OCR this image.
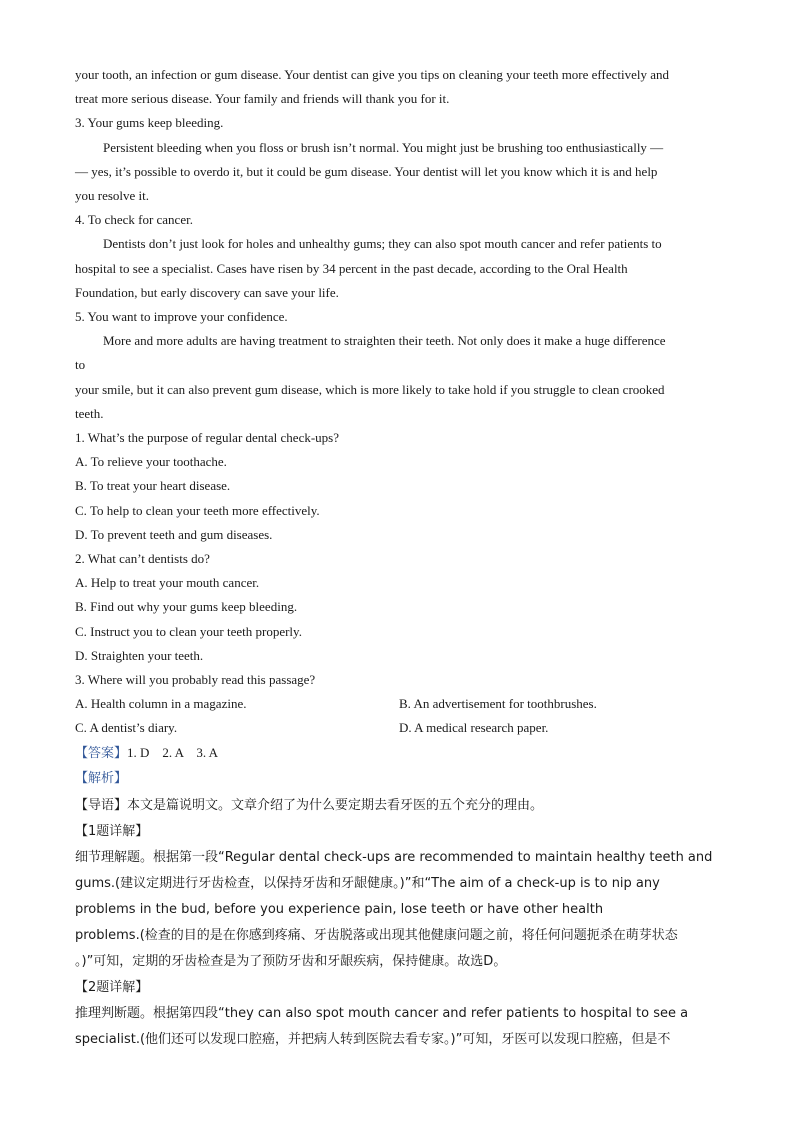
your tooth, an infection or gum disease. Your dentist can give you tips on cleaning your teeth more effectively and
treat more serious disease. Your family and friends will thank you for it.
3. Your gums keep bleeding.
Persistent bleeding when you floss or brush isn’t normal. You might just be brushing too enthusiastically —
— yes, it’s possible to overdo it, but it could be gum disease. Your dentist will let you know which it is and help
you resolve it.
4. To check for cancer.
Dentists don’t just look for holes and unhealthy gums; they can also spot mouth cancer and refer patients to
hospital to see a specialist. Cases have risen by 34 percent in the past decade, according to the Oral Health
Foundation, but early discovery can save your life.
5. You want to improve your confidence.
More and more adults are having treatment to straighten their teeth. Not only does it make a huge difference
to
your smile, but it can also prevent gum disease, which is more likely to take hold if you struggle to clean crooked
teeth.
1. What’s the purpose of regular dental check-ups?
A. To relieve your toothache.
B. To treat your heart disease.
C. To help to clean your teeth more effectively.
D. To prevent teeth and gum diseases.
2. What can’t dentists do?
A. Help to treat your mouth cancer.
B. Find out why your gums keep bleeding.
C. Instruct you to clean your teeth properly.
D. Straighten your teeth.
3. Where will you probably read this passage?
A. Health column in a magazine.	B. An advertisement for toothbrushes.
C. A dentist’s diary.	D. A medical research paper.
【答案】1. D    2. A    3. A
【解析】
【导语】本文是篇说明文。文章介绍了为什么要定期去看牙医的五个充分的理由。
【1题详解】
细节理解题。根据第一段“Regular dental check-ups are recommended to maintain healthy teeth and
gums.(建议定期进行牙齿检查，以保持牙齿和牙龈健康。)”和“The aim of a check-up is to nip any
problems in the bud, before you experience pain, lose teeth or have other health
problems.(检查的目的是在你感到疼痛、牙齿脱落或出现其他健康问题之前，将任何问题扼杀在萌芽状态
。)”可知，定期的牙齿检查是为了预防牙齿和牙龈疾病，保持健康。故选D。
【2题详解】
推理判断题。根据第四段“they can also spot mouth cancer and refer patients to hospital to see a
specialist.(他们还可以发现口腔癌，并把病人转到医院去看专家。)”可知，牙医可以发现口腔癌，但是不
